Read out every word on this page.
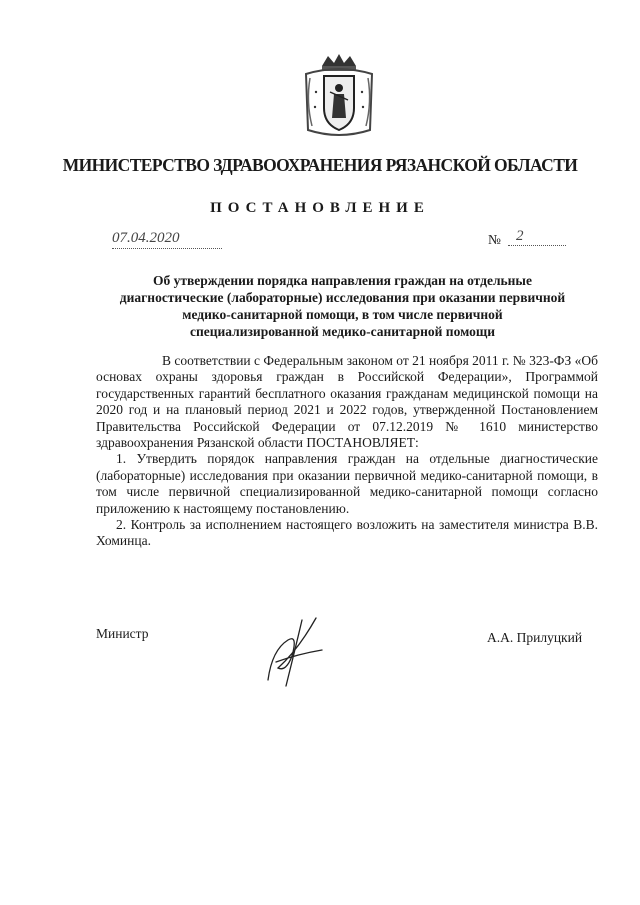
МИНИСТЕРСТВО ЗДРАВООХРАНЕНИЯ РЯЗАНСКОЙ ОБЛАСТИ
ПОСТАНОВЛЕНИЕ
07.04.2020	№	2
Об утверждении порядка направления граждан на отдельные
диагностические (лабораторные) исследования при оказании первичной
медико-санитарной помощи, в том числе первичной
специализированной медико-санитарной помощи

В соответствии с Федеральным законом от 21 ноября 2011 г. № 323-ФЗ «Об основах охраны здоровья граждан в Российской Федерации», Программой государственных гарантий бесплатного оказания гражданам медицинской помощи на 2020 год и на плановый период 2021 и 2022 годов, утвержденной Постановлением Правительства Российской Федерации от 07.12.2019 № 1610 министерство здравоохранения Рязанской области ПОСТАНОВЛЯЕТ:

1. Утвердить порядок направления граждан на отдельные диагностические (лабораторные) исследования при оказании первичной медико-санитарной помощи, в том числе первичной специализированной медико-санитарной помощи согласно приложению к настоящему постановлению.

2. Контроль за исполнением настоящего возложить на заместителя министра В.В. Хоминца.

Министр	А.А. Прилуцкий
